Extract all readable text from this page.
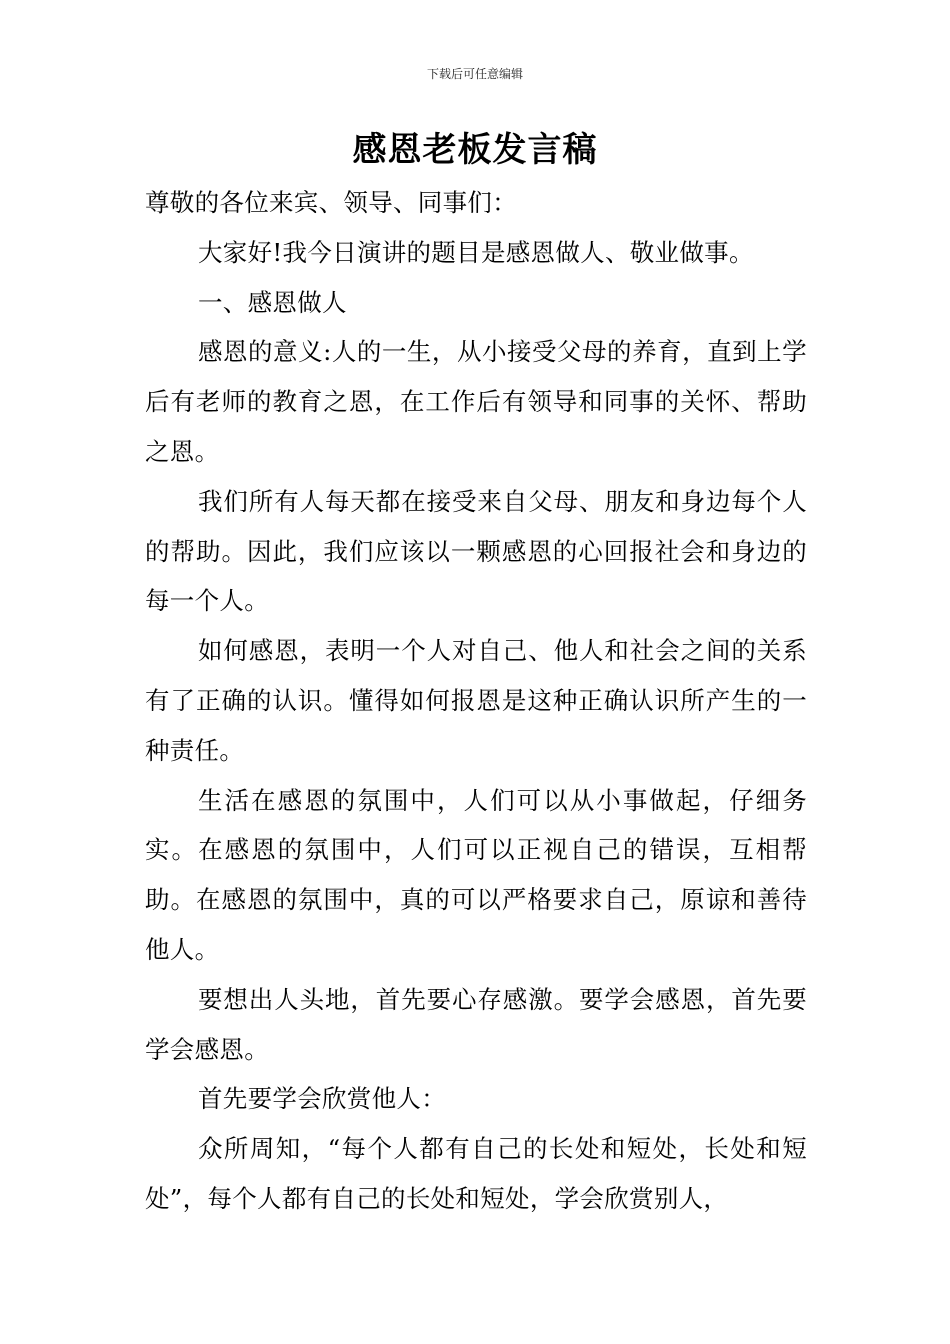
下载后可任意编辑
感恩老板发言稿

尊敬的各位来宾、领导、同事们：

大家好!我今日演讲的题目是感恩做人、敬业做事。

一、感恩做人

感恩的意义:人的一生，从小接受父母的养育，直到上学后有老师的教育之恩，在工作后有领导和同事的关怀、帮助之恩。

我们所有人每天都在接受来自父母、朋友和身边每个人的帮助。因此，我们应该以一颗感恩的心回报社会和身边的每一个人。

如何感恩，表明一个人对自己、他人和社会之间的关系有了正确的认识。懂得如何报恩是这种正确认识所产生的一种责任。

生活在感恩的氛围中，人们可以从小事做起，仔细务实。在感恩的氛围中，人们可以正视自己的错误，互相帮助。在感恩的氛围中，真的可以严格要求自己，原谅和善待他人。

要想出人头地，首先要心存感激。要学会感恩，首先要学会感恩。

首先要学会欣赏他人：

众所周知，“每个人都有自己的长处和短处，长处和短处”，每个人都有自己的长处和短处，学会欣赏别人，
